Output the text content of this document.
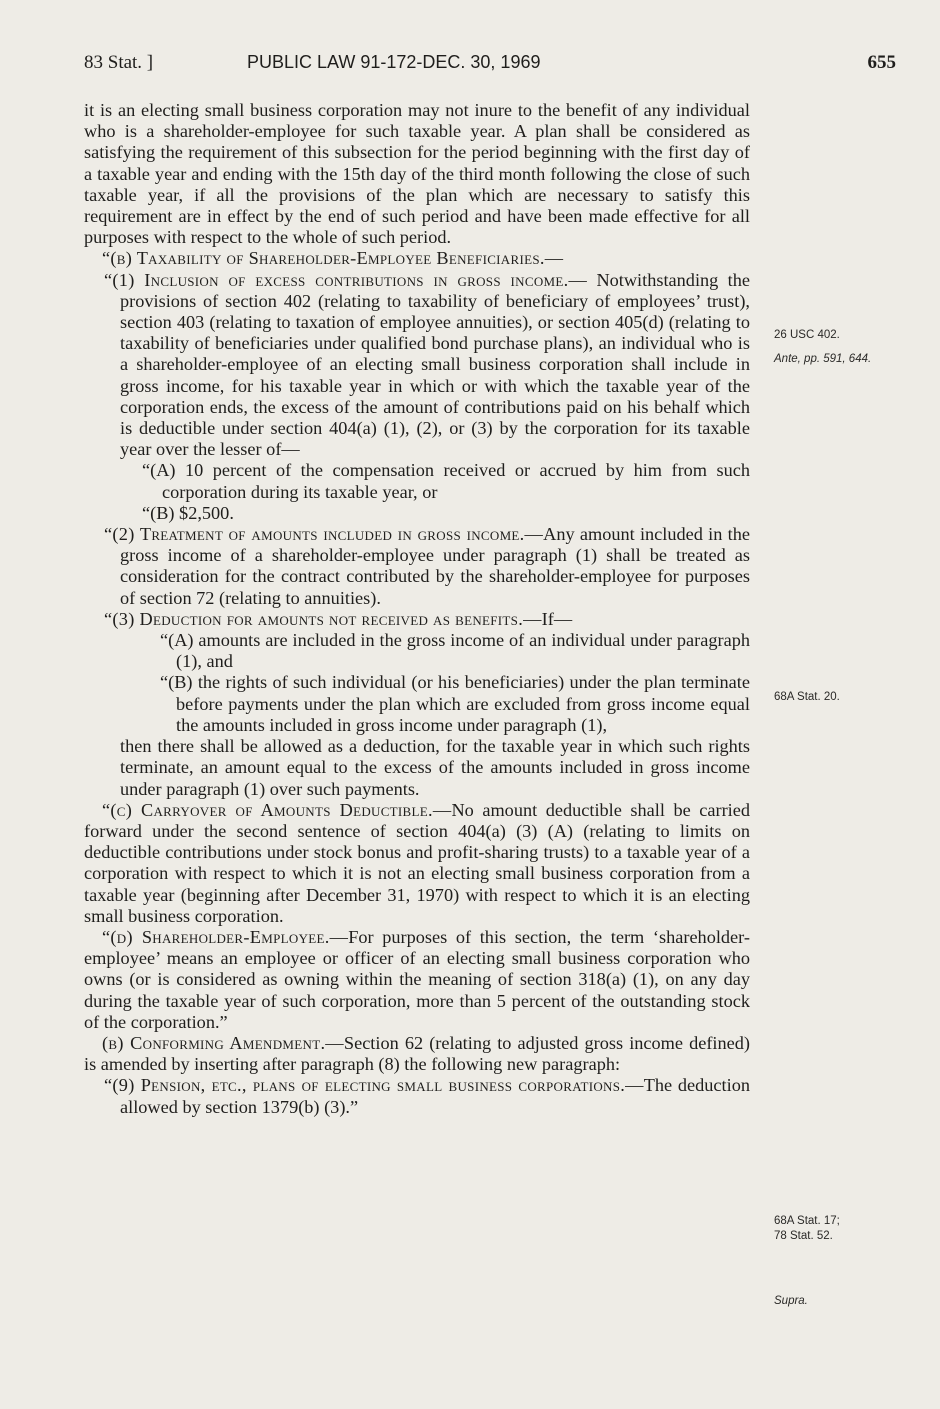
83 Stat. ]	PUBLIC LAW 91-172-DEC. 30, 1969	655

it is an electing small business corporation may not inure to the benefit of any individual who is a shareholder-employee for such taxable year. A plan shall be considered as satisfying the requirement of this subsection for the period beginning with the first day of a taxable year and ending with the 15th day of the third month following the close of such taxable year, if all the provisions of the plan which are necessary to satisfy this requirement are in effect by the end of such period and have been made effective for all purposes with respect to the whole of such period.

“(b) Taxability of Shareholder-Employee Beneficiaries.—

“(1) Inclusion of excess contributions in gross income.— Notwithstanding the provisions of section 402 (relating to taxability of beneficiary of employees’ trust), section 403 (relating to taxation of employee annuities), or section 405(d) (relating to taxability of beneficiaries under qualified bond purchase plans), an individual who is a shareholder-employee of an electing small business corporation shall include in gross income, for his taxable year in which or with which the taxable year of the corporation ends, the excess of the amount of contributions paid on his behalf which is deductible under section 404(a) (1), (2), or (3) by the corporation for its taxable year over the lesser of—

“(A) 10 percent of the compensation received or accrued by him from such corporation during its taxable year, or

“(B) $2,500.

“(2) Treatment of amounts included in gross income.—Any amount included in the gross income of a shareholder-employee under paragraph (1) shall be treated as consideration for the contract contributed by the shareholder-employee for purposes of section 72 (relating to annuities).

“(3) Deduction for amounts not received as benefits.—If—

“(A) amounts are included in the gross income of an individual under paragraph (1), and

“(B) the rights of such individual (or his beneficiaries) under the plan terminate before payments under the plan which are excluded from gross income equal the amounts included in gross income under paragraph (1),

then there shall be allowed as a deduction, for the taxable year in which such rights terminate, an amount equal to the excess of the amounts included in gross income under paragraph (1) over such payments.

“(c) Carryover of Amounts Deductible.—No amount deductible shall be carried forward under the second sentence of section 404(a) (3) (A) (relating to limits on deductible contributions under stock bonus and profit-sharing trusts) to a taxable year of a corporation with respect to which it is not an electing small business corporation from a taxable year (beginning after December 31, 1970) with respect to which it is an electing small business corporation.

“(d) Shareholder-Employee.—For purposes of this section, the term ‘shareholder-employee’ means an employee or officer of an electing small business corporation who owns (or is considered as owning within the meaning of section 318(a) (1), on any day during the taxable year of such corporation, more than 5 percent of the outstanding stock of the corporation.”

(b) Conforming Amendment.—Section 62 (relating to adjusted gross income defined) is amended by inserting after paragraph (8) the following new paragraph:

“(9) Pension, etc., plans of electing small business corporations.—The deduction allowed by section 1379(b) (3).”

26 USC 402.
Ante, pp. 591, 644.
68A Stat. 20.
68A Stat. 17;
78 Stat. 52.
Supra.
